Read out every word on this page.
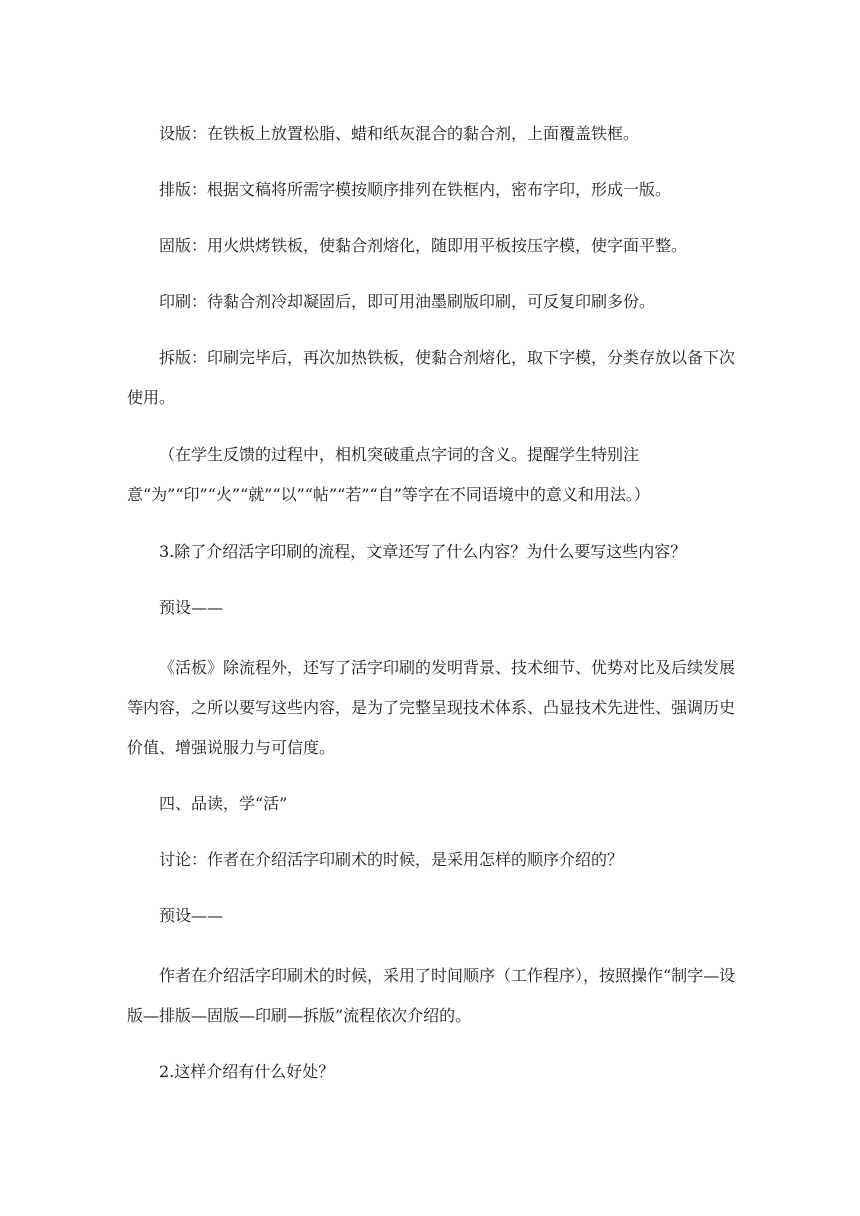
设版：在铁板上放置松脂、蜡和纸灰混合的黏合剂，上面覆盖铁框。

排版：根据文稿将所需字模按顺序排列在铁框内，密布字印，形成一版。

固版：用火烘烤铁板，使黏合剂熔化，随即用平板按压字模，使字面平整。

印刷：待黏合剂冷却凝固后，即可用油墨刷版印刷，可反复印刷多份。

拆版：印刷完毕后，再次加热铁板，使黏合剂熔化，取下字模，分类存放以备下次使用。

（在学生反馈的过程中，相机突破重点字词的含义。提醒学生特别注意“为”“印”“火”“就”“以”“帖”“若”“自”等字在不同语境中的意义和用法。）

3.除了介绍活字印刷的流程，文章还写了什么内容？为什么要写这些内容？

预设——

《活板》除流程外，还写了活字印刷的发明背景、技术细节、优势对比及后续发展等内容，之所以要写这些内容，是为了完整呈现技术体系、凸显技术先进性、强调历史价值、增强说服力与可信度。

四、品读，学“活”

讨论：作者在介绍活字印刷术的时候，是采用怎样的顺序介绍的？

预设——

作者在介绍活字印刷术的时候，采用了时间顺序（工作程序），按照操作“制字—设版—排版—固版—印刷—拆版”流程依次介绍的。

2.这样介绍有什么好处？
